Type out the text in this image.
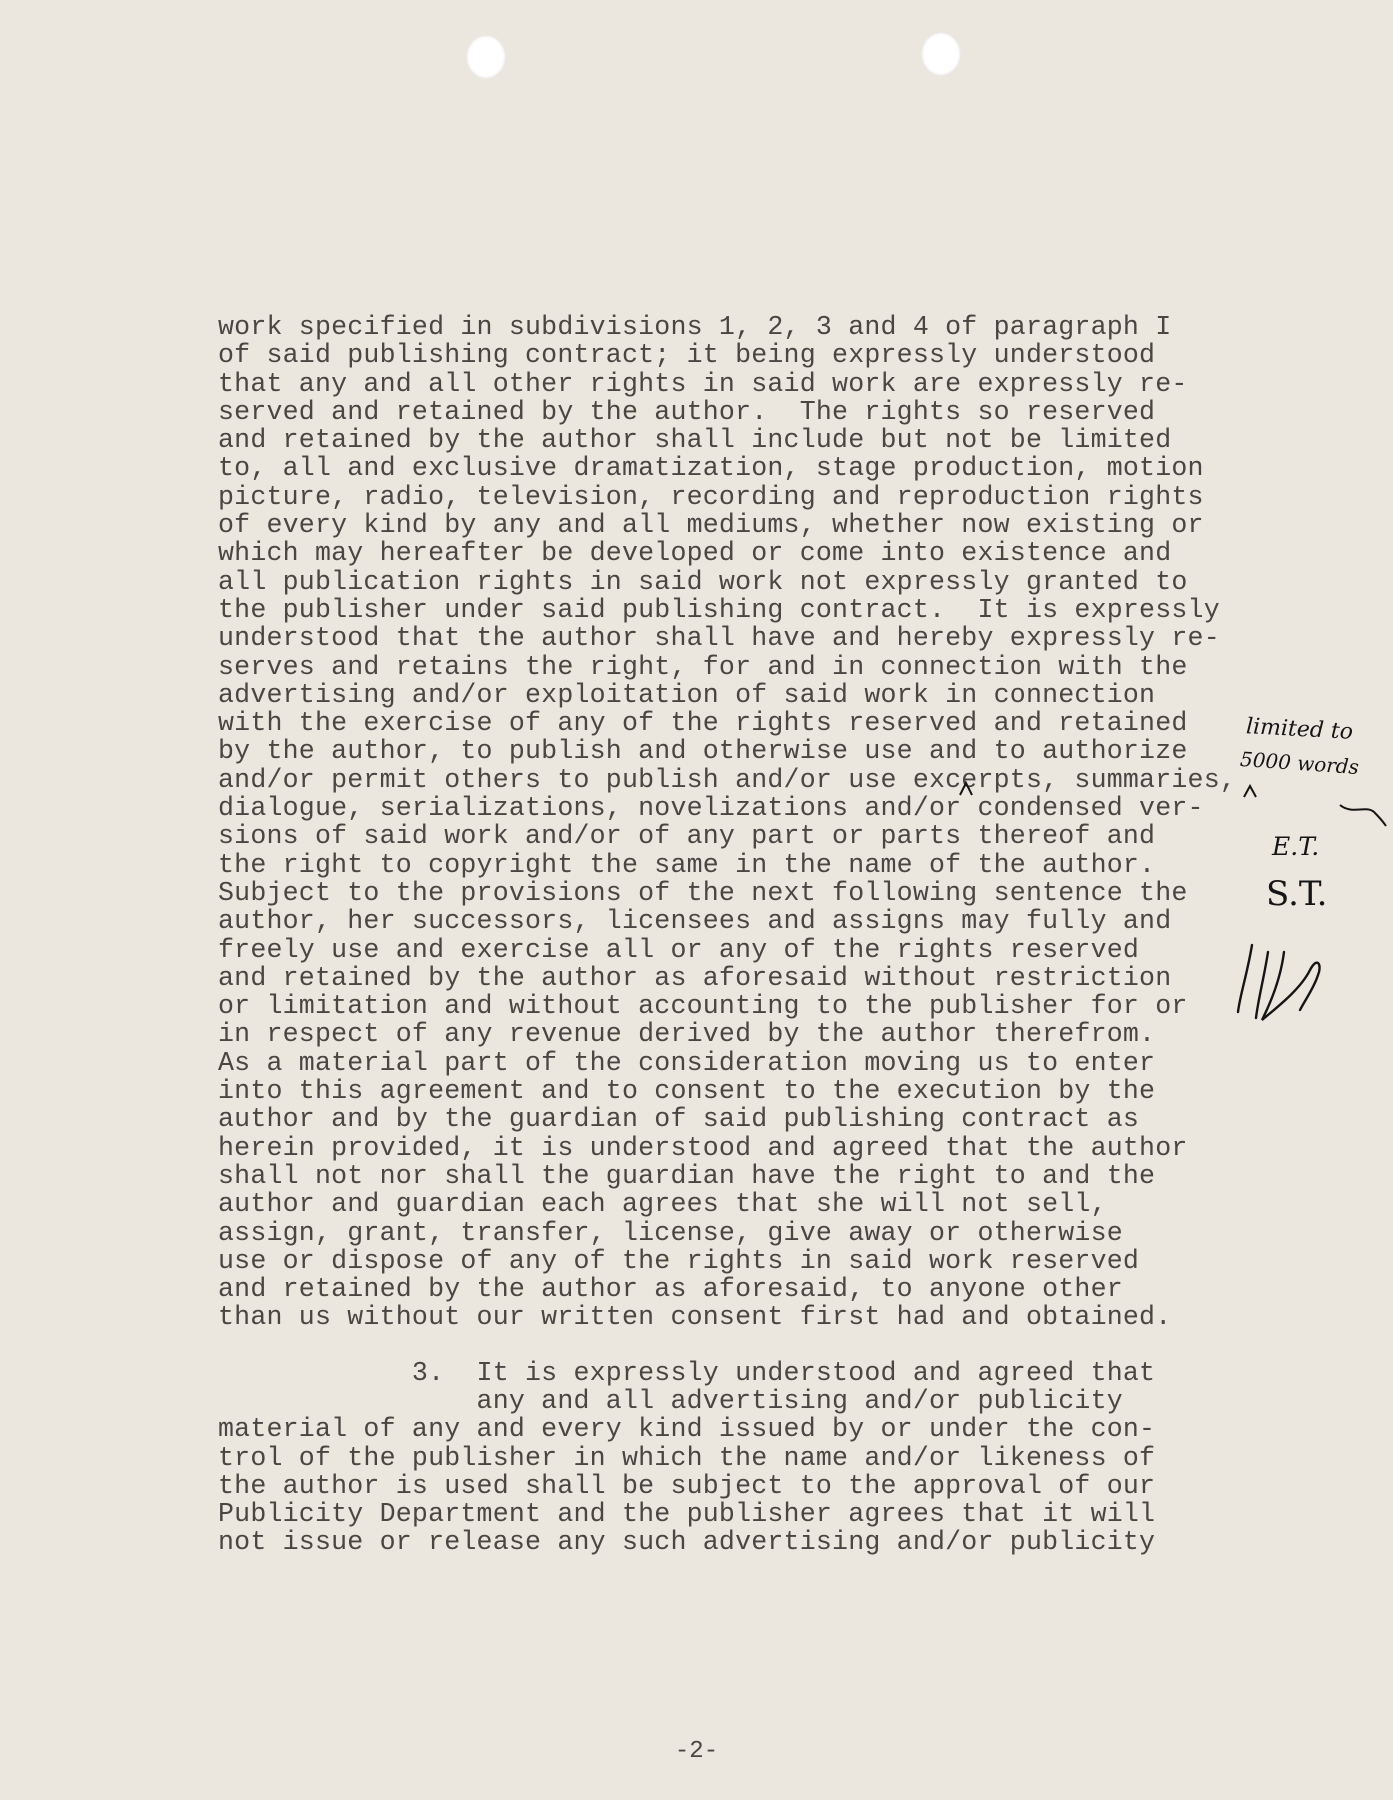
work specified in subdivisions 1, 2, 3 and 4 of paragraph I
of said publishing contract; it being expressly understood
that any and all other rights in said work are expressly re-
served and retained by the author.  The rights so reserved
and retained by the author shall include but not be limited
to, all and exclusive dramatization, stage production, motion
picture, radio, television, recording and reproduction rights
of every kind by any and all mediums, whether now existing or
which may hereafter be developed or come into existence and
all publication rights in said work not expressly granted to
the publisher under said publishing contract.  It is expressly
understood that the author shall have and hereby expressly re-
serves and retains the right, for and in connection with the
advertising and/or exploitation of said work in connection
with the exercise of any of the rights reserved and retained
by the author, to publish and otherwise use and to authorize
and/or permit others to publish and/or use excerpts, summaries,
dialogue, serializations, novelizations and/or condensed ver-
sions of said work and/or of any part or parts thereof and
the right to copyright the same in the name of the author.
Subject to the provisions of the next following sentence the
author, her successors, licensees and assigns may fully and
freely use and exercise all or any of the rights reserved
and retained by the author as aforesaid without restriction
or limitation and without accounting to the publisher for or
in respect of any revenue derived by the author therefrom.
As a material part of the consideration moving us to enter
into this agreement and to consent to the execution by the
author and by the guardian of said publishing contract as
herein provided, it is understood and agreed that the author
shall not nor shall the guardian have the right to and the
author and guardian each agrees that she will not sell,
assign, grant, transfer, license, give away or otherwise
use or dispose of any of the rights in said work reserved
and retained by the author as aforesaid, to anyone other
than us without our written consent first had and obtained.
3.  It is expressly understood and agreed that
any and all advertising and/or publicity
material of any and every kind issued by or under the con-
trol of the publisher in which the name and/or likeness of
the author is used shall be subject to the approval of our
Publicity Department and the publisher agrees that it will
not issue or release any such advertising and/or publicity
limited to
5000 words
E.T.
S.T.
-2-
